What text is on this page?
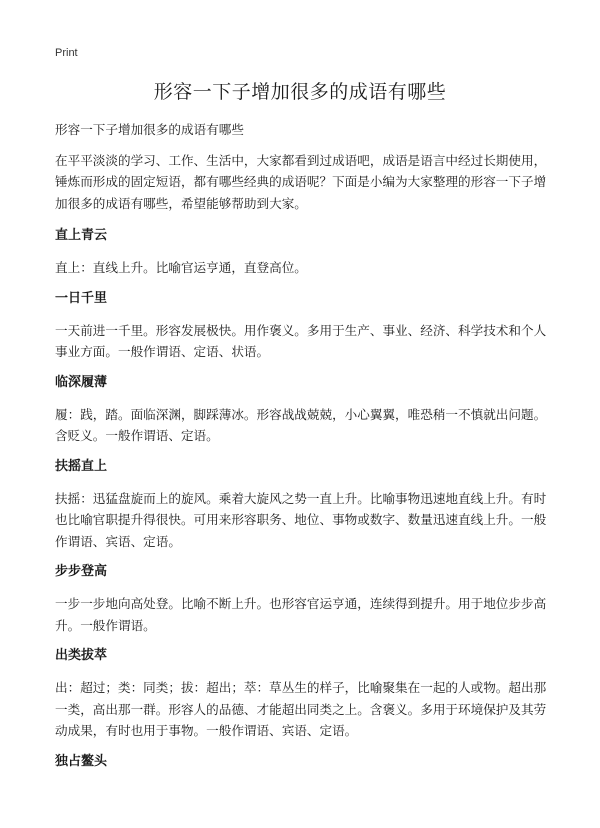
Print
形容一下子增加很多的成语有哪些

形容一下子增加很多的成语有哪些

在平平淡淡的学习、工作、生活中，大家都看到过成语吧，成语是语言中经过长期使用，锤炼而形成的固定短语，都有哪些经典的成语呢？下面是小编为大家整理的形容一下子增加很多的成语有哪些，希望能够帮助到大家。

直上青云

直上：直线上升。比喻官运亨通，直登高位。

一日千里

一天前进一千里。形容发展极快。用作褒义。多用于生产、事业、经济、科学技术和个人事业方面。一般作谓语、定语、状语。

临深履薄

履：践，踏。面临深渊，脚踩薄冰。形容战战兢兢，小心翼翼，唯恐稍一不慎就出问题。含贬义。一般作谓语、定语。

扶摇直上

扶摇：迅猛盘旋而上的旋风。乘着大旋风之势一直上升。比喻事物迅速地直线上升。有时也比喻官职提升得很快。可用来形容职务、地位、事物或数字、数量迅速直线上升。一般作谓语、宾语、定语。

步步登高

一步一步地向高处登。比喻不断上升。也形容官运亨通，连续得到提升。用于地位步步高升。一般作谓语。

出类拔萃

出：超过；类：同类；拔：超出；萃：草丛生的样子，比喻聚集在一起的人或物。超出那一类，高出那一群。形容人的品德、才能超出同类之上。含褒义。多用于环境保护及其劳动成果，有时也用于事物。一般作谓语、宾语、定语。

独占鳌头
